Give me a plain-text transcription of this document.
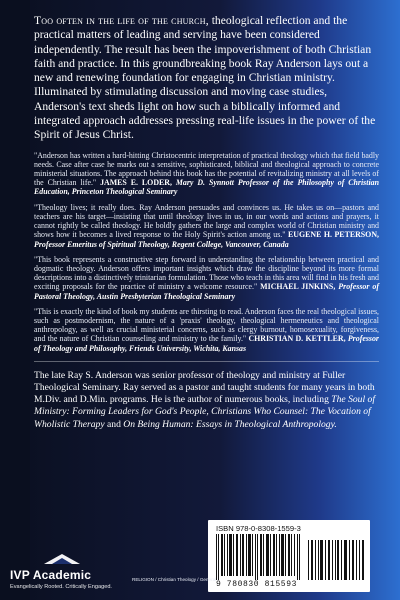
Too often in the life of the church, theological reflection and the practical matters of leading and serving have been considered independently. The result has been the impoverishment of both Christian faith and practice. In this groundbreaking book Ray Anderson lays out a new and renewing foundation for engaging in Christian ministry. Illuminated by stimulating discussion and moving case studies, Anderson's text sheds light on how such a biblically informed and integrated approach addresses pressing real-life issues in the power of the Spirit of Jesus Christ.

"Anderson has written a hard-hitting Christocentric interpretation of practical theology which that field badly needs. Case after case he marks out a sensitive, sophisticated, biblical and theological approach to concrete ministerial situations. The approach behind this book has the potential of revitalizing ministry at all levels of the Christian life." JAMES E. LODER, Mary D. Synnott Professor of the Philosophy of Christian Education, Princeton Theological Seminary

"Theology lives; it really does. Ray Anderson persuades and convinces us. He takes us on—pastors and teachers are his target—insisting that until theology lives in us, in our words and actions and prayers, it cannot rightly be called theology. He boldly gathers the large and complex world of Christian ministry and shows how it becomes a lived response to the Holy Spirit's action among us." EUGENE H. PETERSON, Professor Emeritus of Spiritual Theology, Regent College, Vancouver, Canada

"This book represents a constructive step forward in understanding the relationship between practical and dogmatic theology. Anderson offers important insights which draw the discipline beyond its more formal descriptions into a distinctively trinitarian formulation. Those who teach in this area will find in his fresh and exciting proposals for the practice of ministry a welcome resource." MICHAEL JINKINS, Professor of Pastoral Theology, Austin Presbyterian Theological Seminary

"This is exactly the kind of book my students are thirsting to read. Anderson faces the real theological issues, such as postmodernism, the nature of a 'praxis' theology, theological hermeneutics and theological anthropology, as well as crucial ministerial concerns, such as clergy burnout, homosexuality, forgiveness, and the nature of Christian counseling and ministry to the family." CHRISTIAN D. KETTLER, Professor of Theology and Philosophy, Friends University, Wichita, Kansas

The late Ray S. Anderson was senior professor of theology and ministry at Fuller Theological Seminary. Ray served as a pastor and taught students for many years in both M.Div. and D.Min. programs. He is the author of numerous books, including The Soul of Ministry: Forming Leaders for God's People, Christians Who Counsel: The Vocation of Wholistic Therapy and On Being Human: Essays in Theological Anthropology.

ISBN 978-0-8308-1559-3
9 780830 815593
IVP Academic
Evangelically Rooted. Critically Engaged.
RELIGION / Christian Theology / General
